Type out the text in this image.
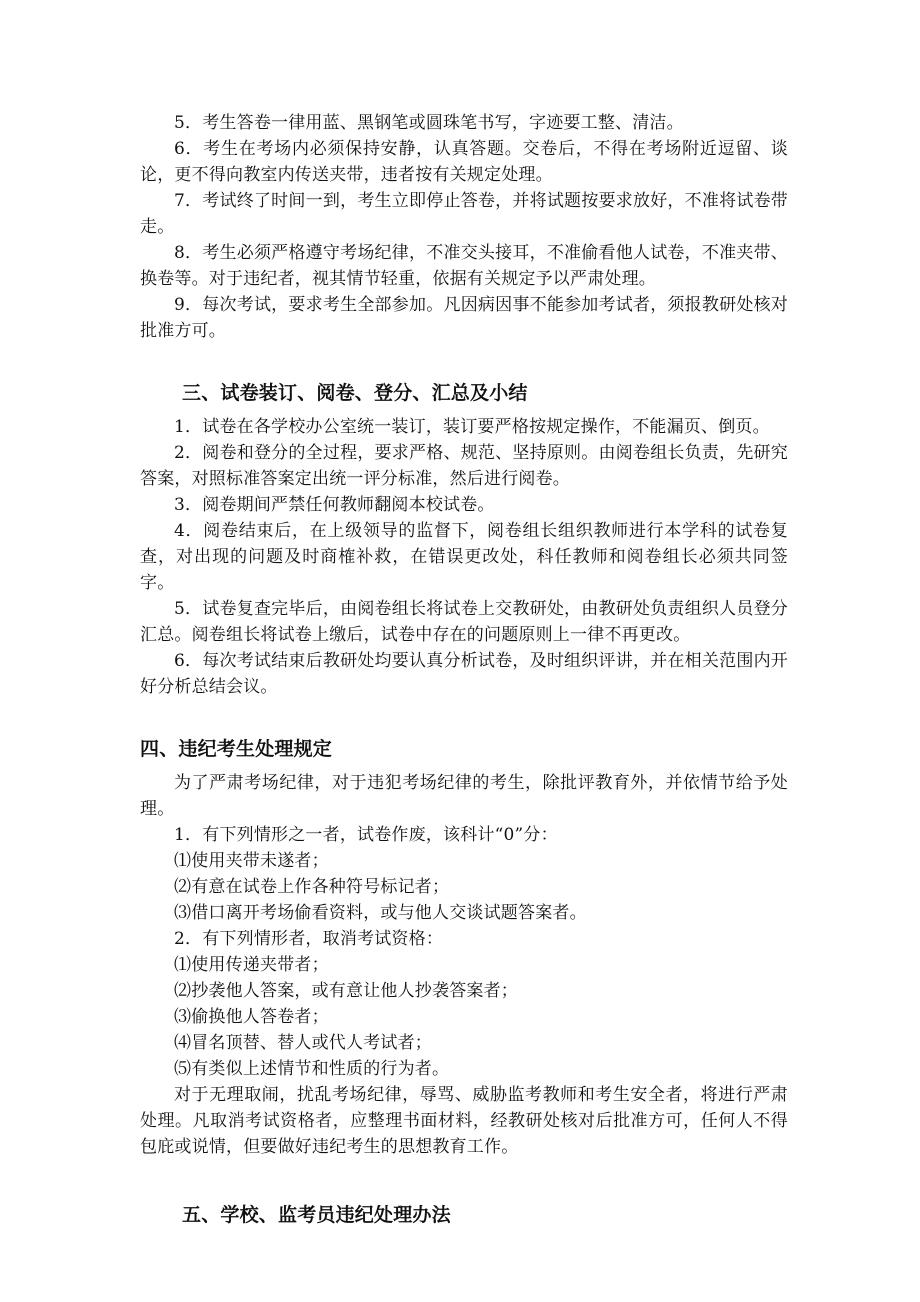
5．考生答卷一律用蓝、黑钢笔或圆珠笔书写，字迹要工整、清洁。

6．考生在考场内必须保持安静，认真答题。交卷后，不得在考场附近逗留、谈论，更不得向教室内传送夹带，违者按有关规定处理。

7．考试终了时间一到，考生立即停止答卷，并将试题按要求放好，不准将试卷带走。

8．考生必须严格遵守考场纪律，不准交头接耳，不准偷看他人试卷，不准夹带、换卷等。对于违纪者，视其情节轻重，依据有关规定予以严肃处理。

9．每次考试，要求考生全部参加。凡因病因事不能参加考试者，须报教研处核对批准方可。

三、试卷装订、阅卷、登分、汇总及小结

1．试卷在各学校办公室统一装订，装订要严格按规定操作，不能漏页、倒页。

2．阅卷和登分的全过程，要求严格、规范、坚持原则。由阅卷组长负责，先研究答案，对照标准答案定出统一评分标准，然后进行阅卷。

3．阅卷期间严禁任何教师翻阅本校试卷。

4．阅卷结束后，在上级领导的监督下，阅卷组长组织教师进行本学科的试卷复查，对出现的问题及时商榷补救，在错误更改处，科任教师和阅卷组长必须共同签字。

5．试卷复查完毕后，由阅卷组长将试卷上交教研处，由教研处负责组织人员登分汇总。阅卷组长将试卷上缴后，试卷中存在的问题原则上一律不再更改。

6．每次考试结束后教研处均要认真分析试卷，及时组织评讲，并在相关范围内开好分析总结会议。

四、违纪考生处理规定

为了严肃考场纪律，对于违犯考场纪律的考生，除批评教育外，并依情节给予处理。

1．有下列情形之一者，试卷作废，该科计“0”分：

⑴使用夹带未遂者；

⑵有意在试卷上作各种符号标记者；

⑶借口离开考场偷看资料，或与他人交谈试题答案者。

2．有下列情形者，取消考试资格：

⑴使用传递夹带者；

⑵抄袭他人答案，或有意让他人抄袭答案者；

⑶偷换他人答卷者；

⑷冒名顶替、替人或代人考试者；

⑸有类似上述情节和性质的行为者。

对于无理取闹，扰乱考场纪律，辱骂、威胁监考教师和考生安全者，将进行严肃处理。凡取消考试资格者，应整理书面材料，经教研处核对后批准方可，任何人不得包庇或说情，但要做好违纪考生的思想教育工作。

五、学校、监考员违纪处理办法
